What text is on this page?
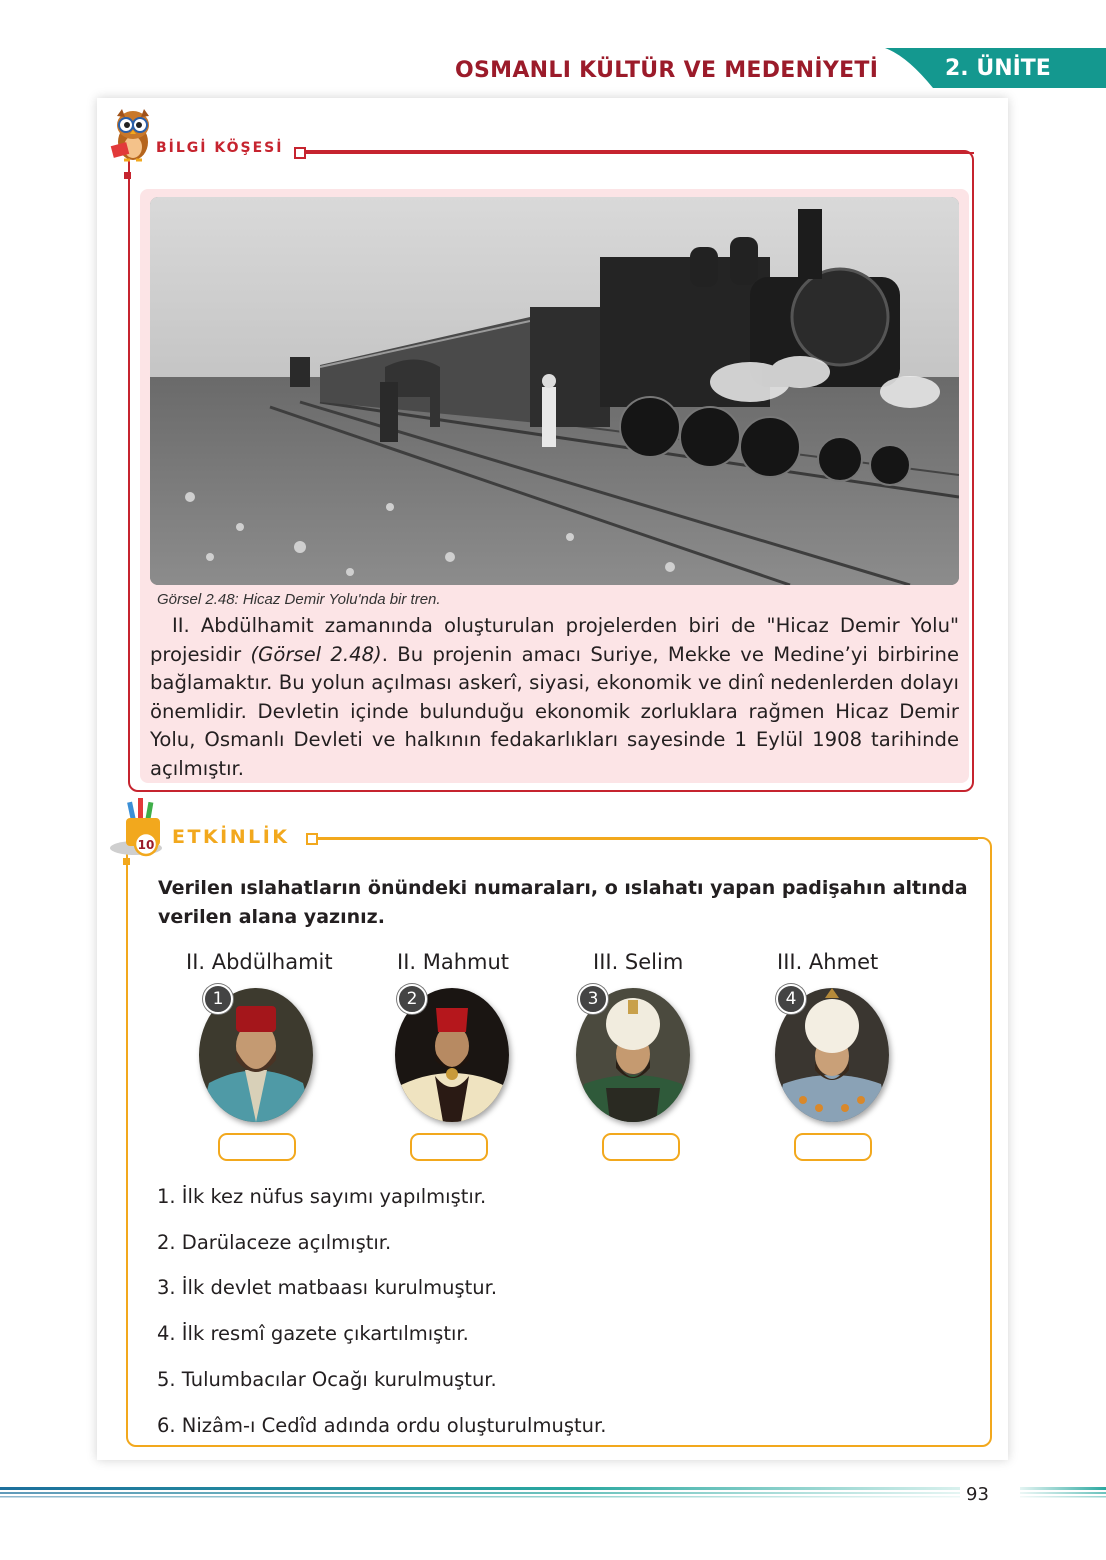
OSMANLI KÜLTÜR VE MEDENİYETİ	2. ÜNİTE
BİLGİ KÖŞESİ
Görsel 2.48: Hicaz Demir Yolu'nda bir tren.
II. Abdülhamit zamanında oluşturulan projelerden biri de "Hicaz Demir Yolu" projesidir (Görsel 2.48). Bu projenin amacı Suriye, Mekke ve Medine’yi birbirine bağlamaktır. Bu yolun açılması askerî, siyasi, ekonomik ve dinî nedenlerden dolayı önemlidir. Devletin içinde bulunduğu ekonomik zorluklara rağmen Hicaz Demir Yolu, Osmanlı Devleti ve halkının fedakarlıkları sayesinde 1 Eylül 1908 tarihinde açılmıştır.
10 ETKİNLİK
Verilen ıslahatların önündeki numaraları, o ıslahatı yapan padişahın altında verilen alana yazınız.
II. Abdülhamit	II. Mahmut	III. Selim	III. Ahmet
1	2	3	4
1. İlk kez nüfus sayımı yapılmıştır.
2. Darülaceze açılmıştır.
3. İlk devlet matbaası kurulmuştur.
4. İlk resmî gazete çıkartılmıştır.
5. Tulumbacılar Ocağı kurulmuştur.
6. Nizâm-ı Cedîd adında ordu oluşturulmuştur.
93
